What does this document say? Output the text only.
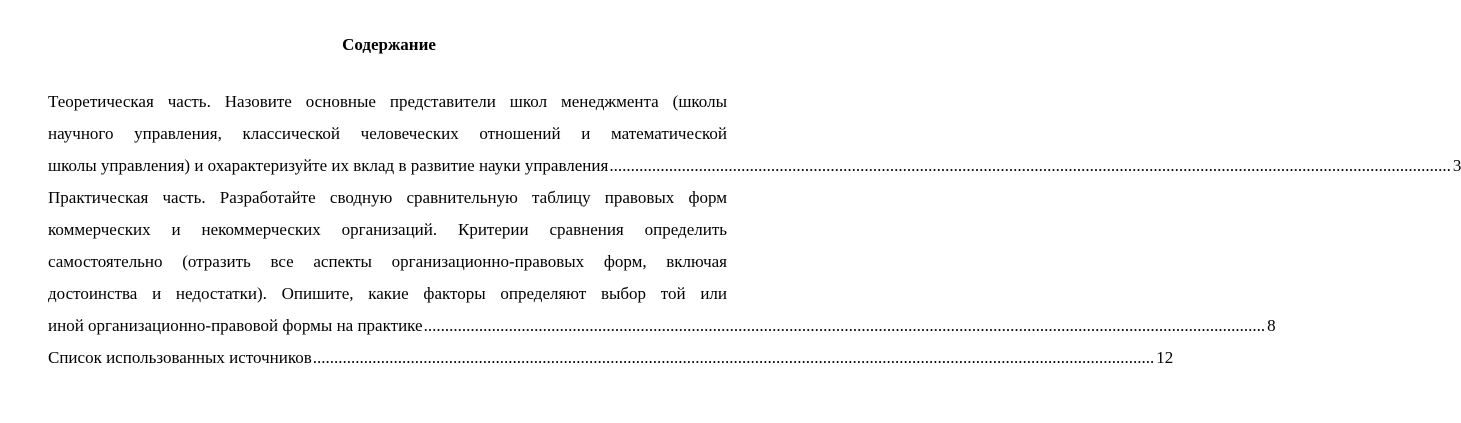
Содержание
Теоретическая часть. Назовите основные представители школ менеджмента (школы
научного управления, классической человеческих отношений и математической
школы управления) и охарактеризуйте их вклад в развитие науки управления ...................................................................................................................................................................................................... 3
Практическая часть. Разработайте сводную сравнительную таблицу правовых форм
коммерческих и некоммерческих организаций. Критерии сравнения определить
самостоятельно (отразить все аспекты организационно-правовых форм, включая
достоинства и недостатки). Опишите, какие факторы определяют выбор той или
иной организационно-правовой формы на практике ...................................................................................................................................................................................................... 8
Список использованных источников ...................................................................................................................................................................................................... 12
